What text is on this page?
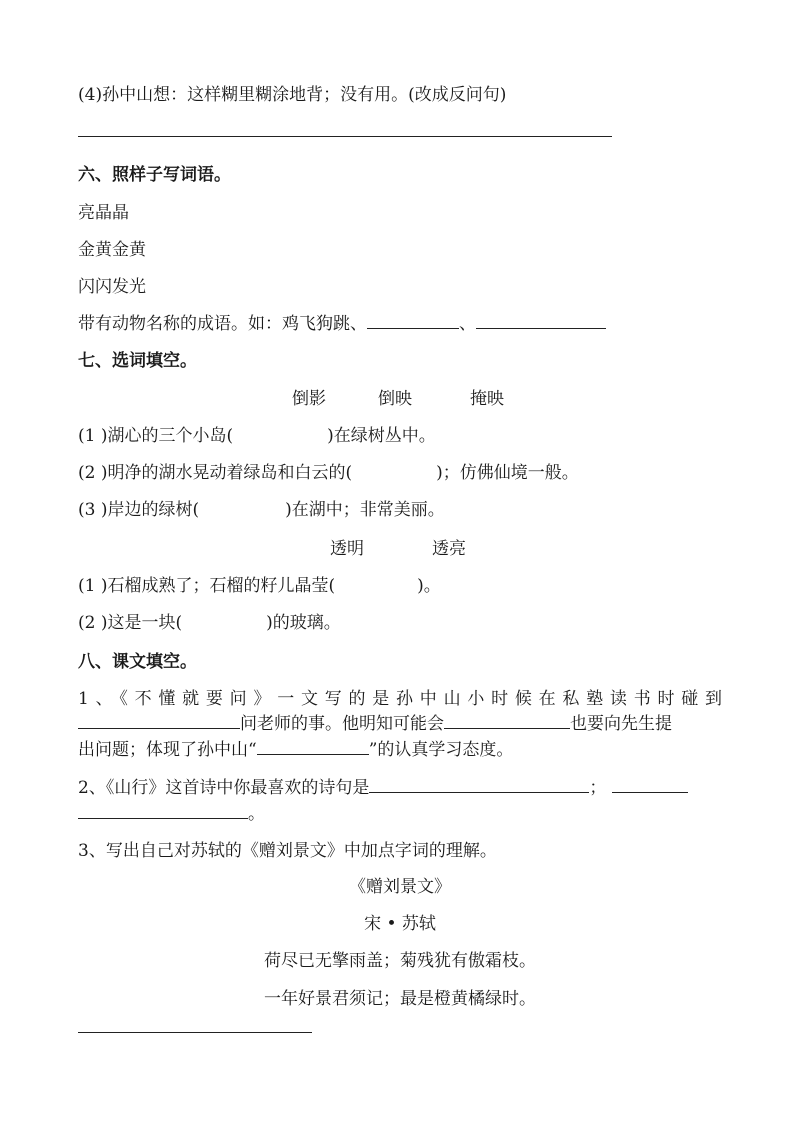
(4)孙中山想：这样糊里糊涂地背；没有用。(改成反问句)
六、照样子写词语。
亮晶晶
金黄金黄
闪闪发光
带有动物名称的成语。如：鸡飞狗跳、	、
七、选词填空。
倒影	倒映	掩映
(1 )湖心的三个小岛(	)在绿树丛中。
(2 )明净的湖水晃动着绿岛和白云的(	)；仿佛仙境一般。
(3 )岸边的绿树(	)在湖中；非常美丽。
透明	透亮
(1 )石榴成熟了；石榴的籽儿晶莹(	)。
(2 )这是一块(	)的玻璃。
八、课文填空。
1、《不懂就要问》一文写的是孙中山小时候在私塾读书时碰到
问老师的事。他明知可能会	也要向先生提
出问题；体现了孙中山“	”的认真学习态度。
2、《山行》这首诗中你最喜欢的诗句是	；
。
3、写出自己对苏轼的《赠刘景文》中加点字词的理解。
《赠刘景文》
宋 • 苏轼
荷尽已无擎雨盖；菊残犹有傲霜枝。
一年好景君须记；最是橙黄橘绿时。
